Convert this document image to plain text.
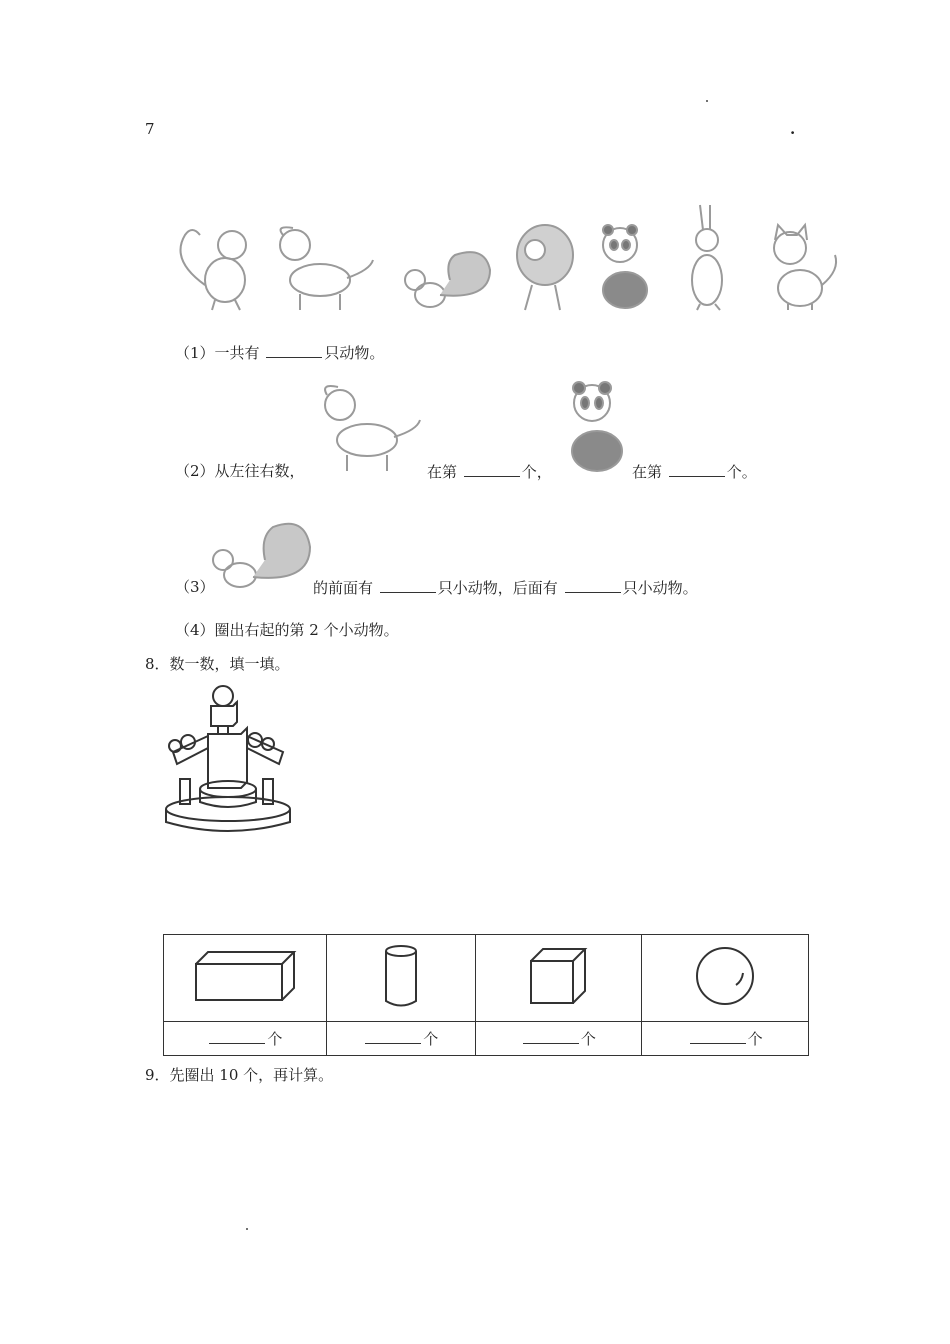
7	.
（1）一共有	只动物。
（2）从左往右数，	在第	个，	在第	个。
（3）	的前面有	只小动物，后面有	只小动物。
（4）圈出右起的第 2 个小动物。
8．数一数，填一填。

个	个	个	个
9．先圈出 10 个，再计算。
